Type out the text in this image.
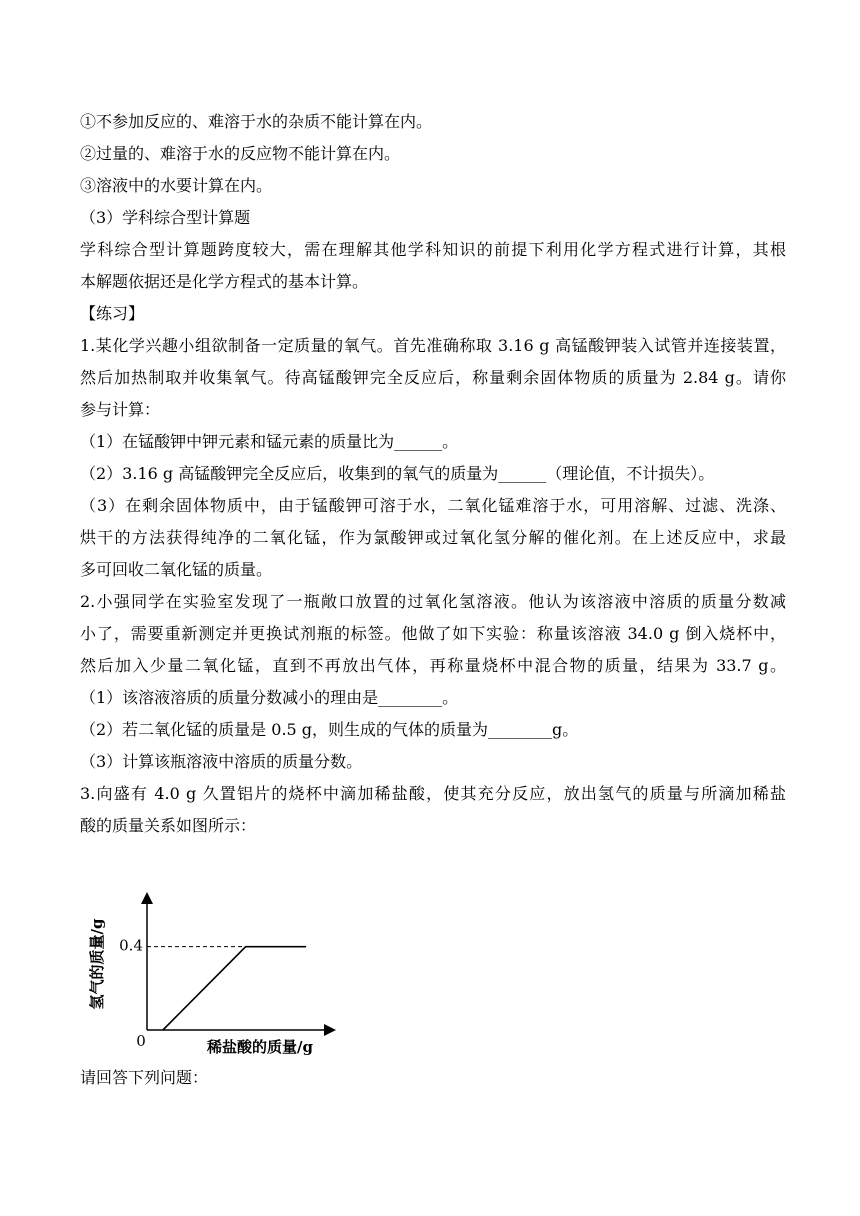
①不参加反应的、难溶于水的杂质不能计算在内。
②过量的、难溶于水的反应物不能计算在内。
③溶液中的水要计算在内。
（3）学科综合型计算题
学科综合型计算题跨度较大，需在理解其他学科知识的前提下利用化学方程式进行计算，其根
本解题依据还是化学方程式的基本计算。
【练习】
1.某化学兴趣小组欲制备一定质量的氧气。首先准确称取 3.16 g 高锰酸钾装入试管并连接装置，
然后加热制取并收集氧气。待高锰酸钾完全反应后，称量剩余固体物质的质量为 2.84 g。请你
参与计算：
（1）在锰酸钾中钾元素和锰元素的质量比为______。
（2）3.16 g 高锰酸钾完全反应后，收集到的氧气的质量为______（理论值，不计损失）。
（3）在剩余固体物质中，由于锰酸钾可溶于水，二氧化锰难溶于水，可用溶解、过滤、洗涤、
烘干的方法获得纯净的二氧化锰，作为氯酸钾或过氧化氢分解的催化剂。在上述反应中，求最
多可回收二氧化锰的质量。
2.小强同学在实验室发现了一瓶敞口放置的过氧化氢溶液。他认为该溶液中溶质的质量分数减
小了，需要重新测定并更换试剂瓶的标签。他做了如下实验：称量该溶液 34.0 g 倒入烧杯中，
然后加入少量二氧化锰，直到不再放出气体，再称量烧杯中混合物的质量，结果为 33.7 g。
（1）该溶液溶质的质量分数减小的理由是________。
（2）若二氧化锰的质量是 0.5 g，则生成的气体的质量为________g。
（3）计算该瓶溶液中溶质的质量分数。
3.向盛有 4.0 g 久置铝片的烧杯中滴加稀盐酸，使其充分反应，放出氢气的质量与所滴加稀盐
酸的质量关系如图所示：
0.4
0	稀盐酸的质量/g
氢气的质量/g
请回答下列问题：
